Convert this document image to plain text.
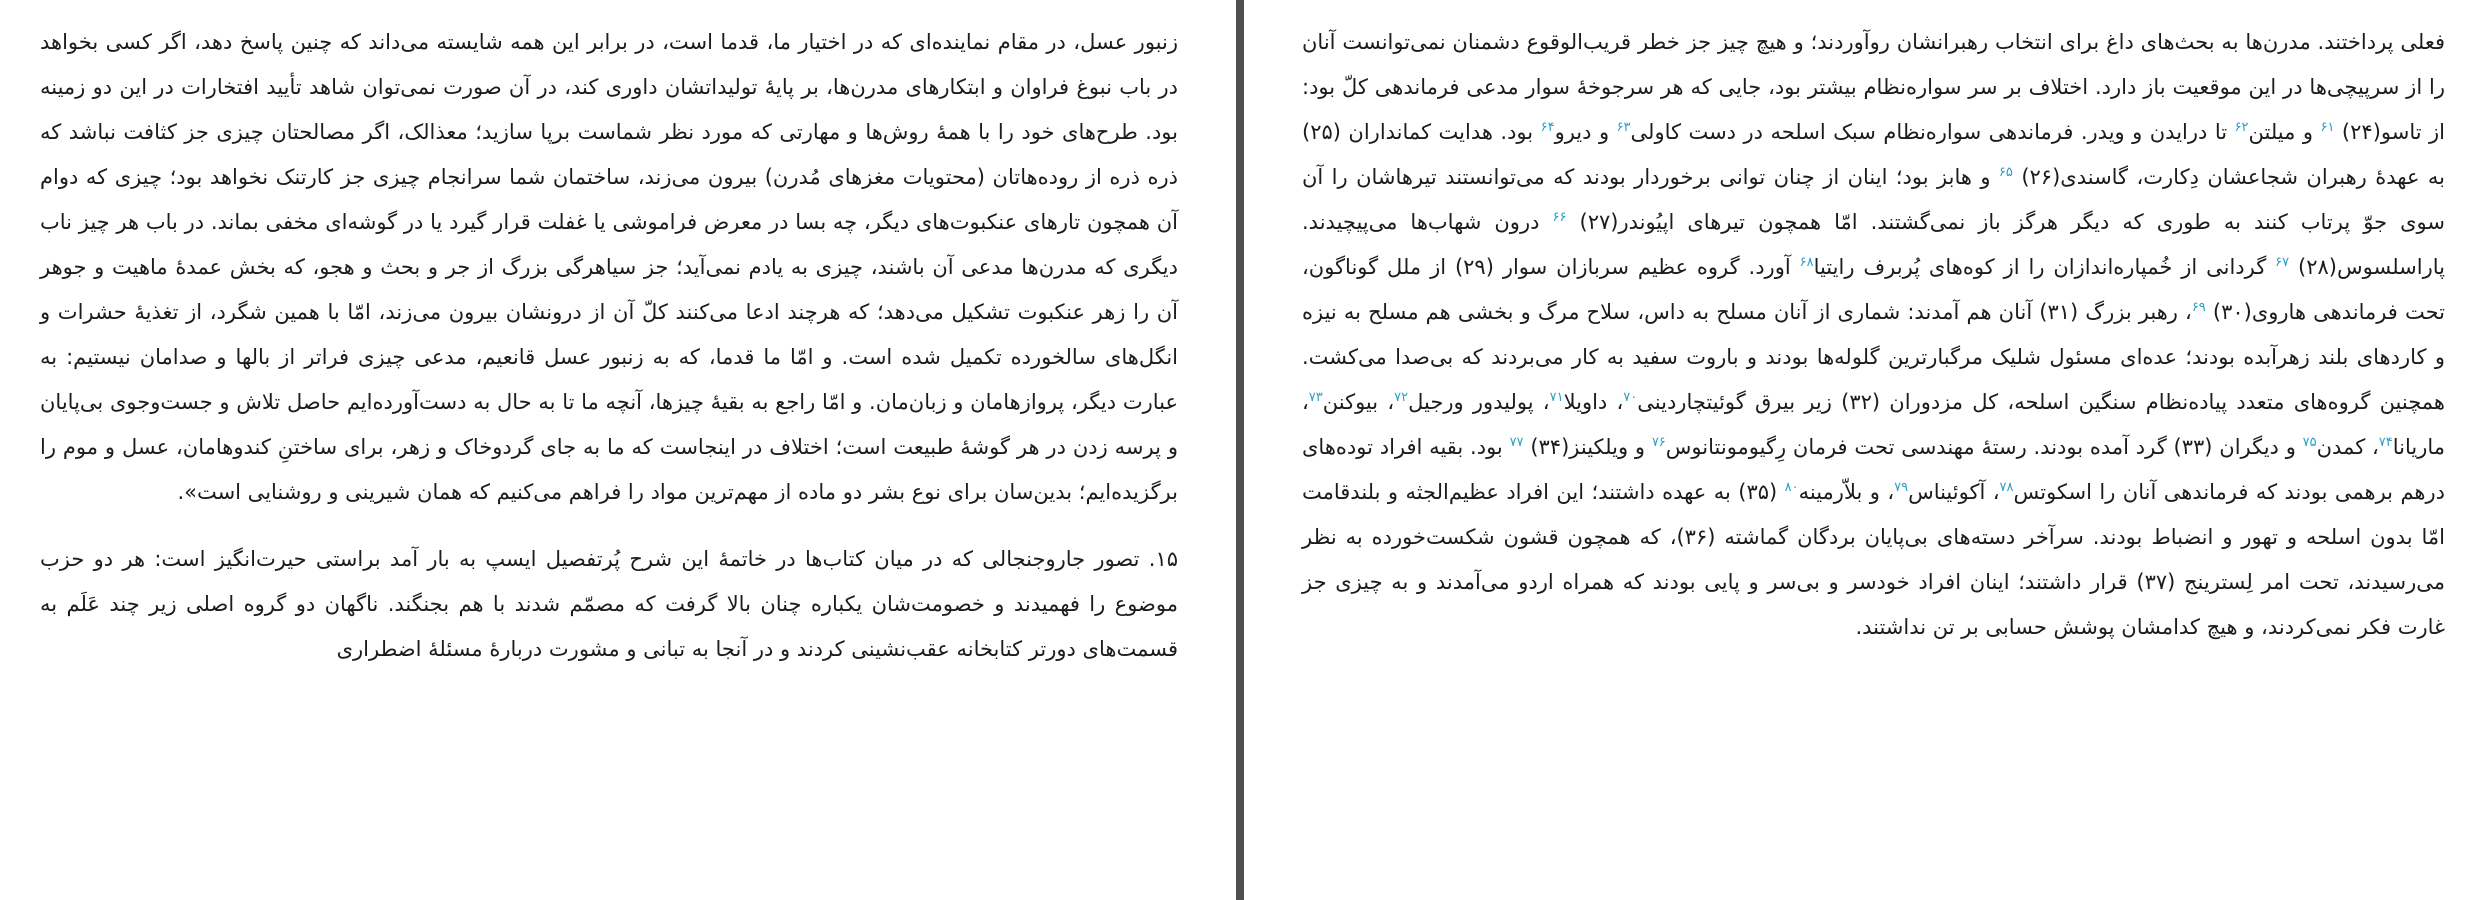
زنبور عسل، در مقام نماینده‌ای که در اختیار ما، قدما است، در برابر این همه شایسته می‌داند که چنین پاسخ دهد، اگر کسی بخواهد در باب نبوغ فراوان و ابتکارهای مدرن‌ها، بر پایهٔ تولیداتشان داوری کند، در آن صورت نمی‌توان شاهد تأیید افتخارات در این دو زمینه بود. طرح‌های خود را با همهٔ روش‌ها و مهارتی که مورد نظر شماست برپا سازید؛ معذالک، اگر مصالحتان چیزی جز کثافت نباشد که ذره ذره از روده‌هاتان (محتویات مغزهای مُدرن) بیرون می‌زند، ساختمان شما سرانجام چیزی جز کارتنک نخواهد بود؛ چیزی که دوام آن همچون تارهای عنکبوت‌های دیگر، چه بسا در معرض فراموشی یا غفلت قرار گیرد یا در گوشه‌ای مخفی بماند. در باب هر چیز ناب دیگری که مدرن‌ها مدعی آن باشند، چیزی به یادم نمی‌آید؛ جز سیاهرگی بزرگ از جر و بحث و هجو، که بخش عمدهٔ ماهیت و جوهر آن را زهر عنکبوت تشکیل می‌دهد؛ که هرچند ادعا می‌کنند کلّ آن از درونشان بیرون می‌زند، امّا با همین شگرد، از تغذیهٔ حشرات و انگل‌های سالخورده تکمیل شده است. و امّا ما قدما، که به زنبور عسل قانعیم، مدعی چیزی فراتر از بالها و صدامان نیستیم: به عبارت دیگر، پروازهامان و زبان‌مان. و امّا راجع به بقیهٔ چیزها، آنچه ما تا به حال به دست‌آورده‌ایم حاصل تلاش و جست‌وجوی بی‌پایان و پرسه زدن در هر گوشهٔ طبیعت است؛ اختلاف در اینجاست که ما به جای گردوخاک و زهر، برای ساختنِ کندوهامان، عسل و موم را برگزیده‌ایم؛ بدین‌سان برای نوع بشر دو ماده از مهم‌ترین مواد را فراهم می‌کنیم که همان شیرینی و روشنایی است».

۱۵. تصور جاروجنجالی که در میان کتاب‌ها در خاتمهٔ این شرح پُرتفصیل ایسپ به بار آمد براستی حیرت‌انگیز است: هر دو حزب موضوع را فهمیدند و خصومت‌شان یکباره چنان بالا گرفت که مصمّم شدند با هم بجنگند. ناگهان دو گروه اصلی زیر چند عَلَم به قسمت‌های دورتر کتابخانه عقب‌نشینی کردند و در آنجا به تبانی و مشورت دربارهٔ مسئلهٔ اضطراری

فعلی پرداختند. مدرن‌ها به بحث‌های داغ برای انتخاب رهبرانشان روآوردند؛ و هیچ چیز جز خطر قریب‌الوقوع دشمنان نمی‌توانست آنان را از سرپیچی‌ها در این موقعیت باز دارد. اختلاف بر سر سواره‌نظام بیشتر بود، جایی که هر سرجوخهٔ سوار مدعی فرماندهی کلّ بود: از تاسو(۲۴) $^{۶۱}$ و میلتن$^{۶۲}$ تا درایدن و ویدر. فرماندهی سواره‌نظام سبک اسلحه در دست کاولی$^{۶۳}$ و دیرو$^{۶۴}$ بود. هدایت کمانداران (۲۵) به عهدهٔ رهبران شجاعشان دِکارت، گاسندی(۲۶) $^{۶۵}$ و هابز بود؛ اینان از چنان توانی برخوردار بودند که می‌توانستند تیرهاشان را آن سوی جوّ پرتاب کنند به طوری که دیگر هرگز باز نمی‌گشتند. امّا همچون تیرهای اپیُوندر(۲۷) $^{۶۶}$ درون شهاب‌ها می‌پیچیدند. پاراسلسوس(۲۸) $^{۶۷}$ گردانی از خُمپاره‌اندازان را از کوه‌های پُربرف رایتیا$^{۶۸}$ آورد. گروه عظیم سربازان سوار (۲۹) از ملل گوناگون، تحت فرماندهی هاروی(۳۰) $^{۶۹}$، رهبر بزرگ (۳۱) آنان هم آمدند: شماری از آنان مسلح به داس، سلاح مرگ و بخشی هم مسلح به نیزه و کاردهای بلند زهرآبده بودند؛ عده‌ای مسئول شلیک مرگبارترین گلوله‌ها بودند و باروت سفید به کار می‌بردند که بی‌صدا می‌کشت. همچنین گروه‌های متعدد پیاده‌نظام سنگین اسلحه، کل مزدوران (۳۲) زیر بیرق گوئیتچاردینی$^{۷۰}$، داویلا$^{۷۱}$، پولیدور ورجیل$^{۷۲}$، بیوکنن$^{۷۳}$، ماریانا$^{۷۴}$، کمدن$^{۷۵}$ و دیگران (۳۳) گرد آمده بودند. رستهٔ مهندسی تحت فرمان رِگیومونتانوس$^{۷۶}$ و ویلکینز(۳۴) $^{۷۷}$ بود. بقیه افراد توده‌های درهم برهمی بودند که فرماندهی آنان را اسکوتس$^{۷۸}$، آکوئیناس$^{۷۹}$، و بلاّرمینه$^{۸۰}$ (۳۵) به عهده داشتند؛ این افراد عظیم‌الجثه و بلندقامت امّا بدون اسلحه و تهور و انضباط بودند. سرآخر دسته‌های بی‌پایان بردگان گماشته (۳۶)، که همچون قشون شکست‌خورده به نظر می‌رسیدند، تحت امر لِسترینج (۳۷) قرار داشتند؛ اینان افراد خودسر و بی‌سر و پایی بودند که همراه اردو می‌آمدند و به چیزی جز غارت فکر نمی‌کردند، و هیچ کدامشان پوشش حسابی بر تن نداشتند.
